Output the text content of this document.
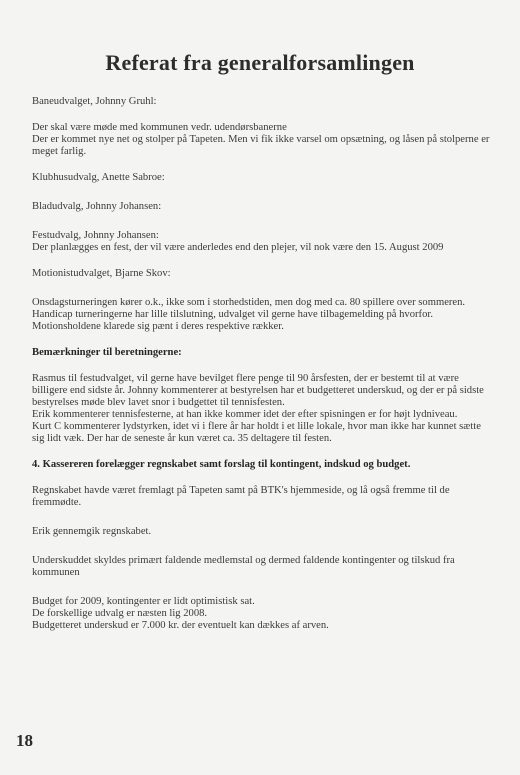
Referat fra generalforsamlingen

Baneudvalget, Johnny Gruhl:

Der skal være møde med kommunen vedr. udendørsbanerne

Der er kommet nye net og stolper på Tapeten. Men vi fik ikke varsel om opsætning, og låsen på stolperne er meget farlig.

Klubhusudvalg, Anette Sabroe:

Bladudvalg, Johnny Johansen:

Festudvalg, Johnny Johansen:

Der planlægges en fest, der vil være anderledes end den plejer, vil nok være den 15. August 2009

Motionistudvalget, Bjarne Skov:

Onsdagsturneringen kører o.k., ikke som i storhedstiden, men dog med ca. 80 spillere over sommeren. Handicap turneringerne har lille tilslutning, udvalget vil gerne have tilbagemelding på hvorfor.

Motionsholdene klarede sig pænt i deres respektive rækker.

Bemærkninger til beretningerne:

Rasmus til festudvalget, vil gerne have bevilget flere penge til 90 årsfesten, der er bestemt til at være billigere end sidste år. Johnny kommenterer at bestyrelsen har et budgetteret underskud, og der er på sidste bestyrelses møde blev lavet snor i budgettet til tennisfesten.

Erik kommenterer tennisfesterne, at han ikke kommer idet der efter spisningen er for højt lydniveau.

Kurt C kommenterer lydstyrken, idet vi i flere år har holdt i et lille lokale, hvor man ikke har kunnet sætte sig lidt væk. Der har de seneste år kun været ca. 35 deltagere til festen.

4. Kassereren forelægger regnskabet samt forslag til kontingent, indskud og budget.

Regnskabet havde været fremlagt på Tapeten samt på BTK's hjemmeside, og lå også fremme til de fremmødte.

Erik gennemgik regnskabet.

Underskuddet skyldes primært faldende medlemstal og dermed faldende kontingenter og tilskud fra kommunen

Budget for 2009, kontingenter er lidt optimistisk sat.

De forskellige udvalg er næsten lig 2008.

Budgetteret underskud er 7.000 kr. der eventuelt kan dækkes af arven.

18
